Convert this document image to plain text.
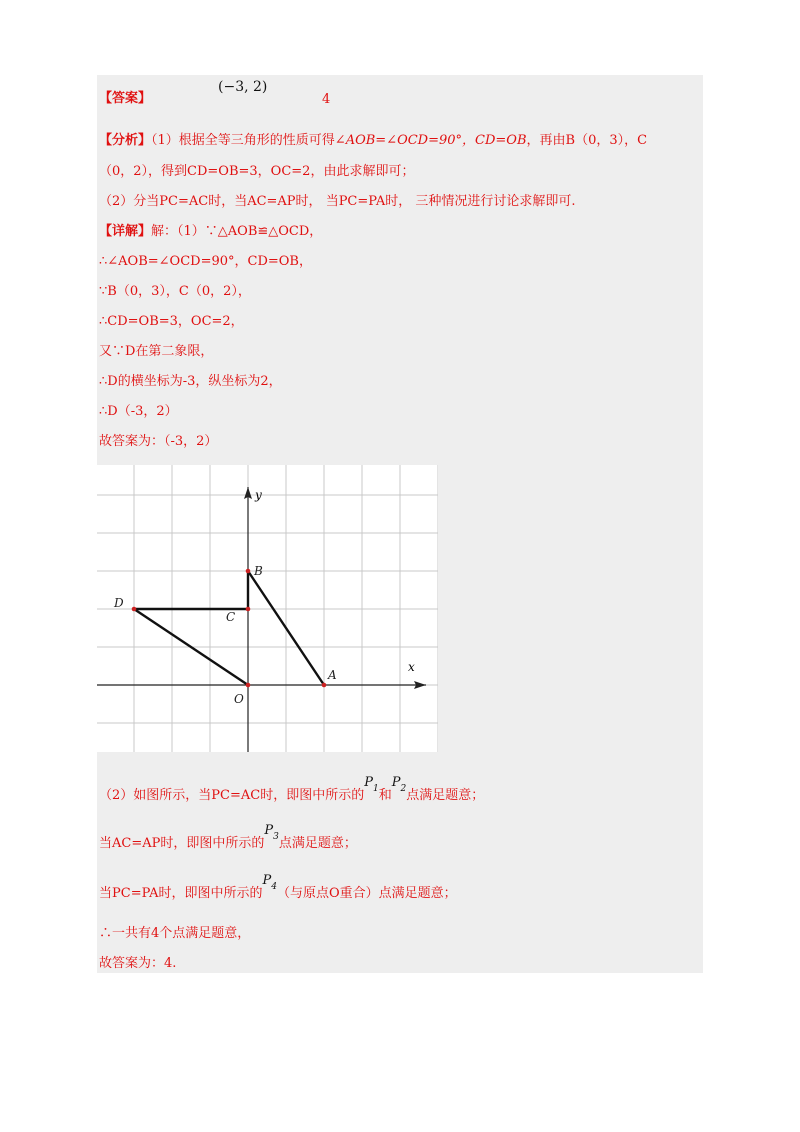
【答案】
(−3, 2)
4
【分析】（1）根据全等三角形的性质可得∠AOB=∠OCD=90°，CD=OB，再由B（0，3），C
（0，2），得到CD=OB=3，OC=2，由此求解即可；
（2）分当PC=AC时，当AC=AP时， 当PC=PA时， 三种情况进行讨论求解即可.
【详解】解：（1）∵△AOB≌△OCD，
∴∠AOB=∠OCD=90°，CD=OB，
∵B（0，3），C（0，2），
∴CD=OB=3，OC=2，
又∵D在第二象限，
∴D的横坐标为-3，纵坐标为2，
∴D（-3，2）
故答案为：（-3，2）
O
A
B
C
D
x
y
（2）如图所示，当PC=AC时，即图中所示的$P_1$和$P_2$点满足题意；
当AC=AP时，即图中所示的$P_3$点满足题意；
当PC=PA时，即图中所示的$P_4$（与原点O重合）点满足题意；
∴一共有4个点满足题意，
故答案为：4.
